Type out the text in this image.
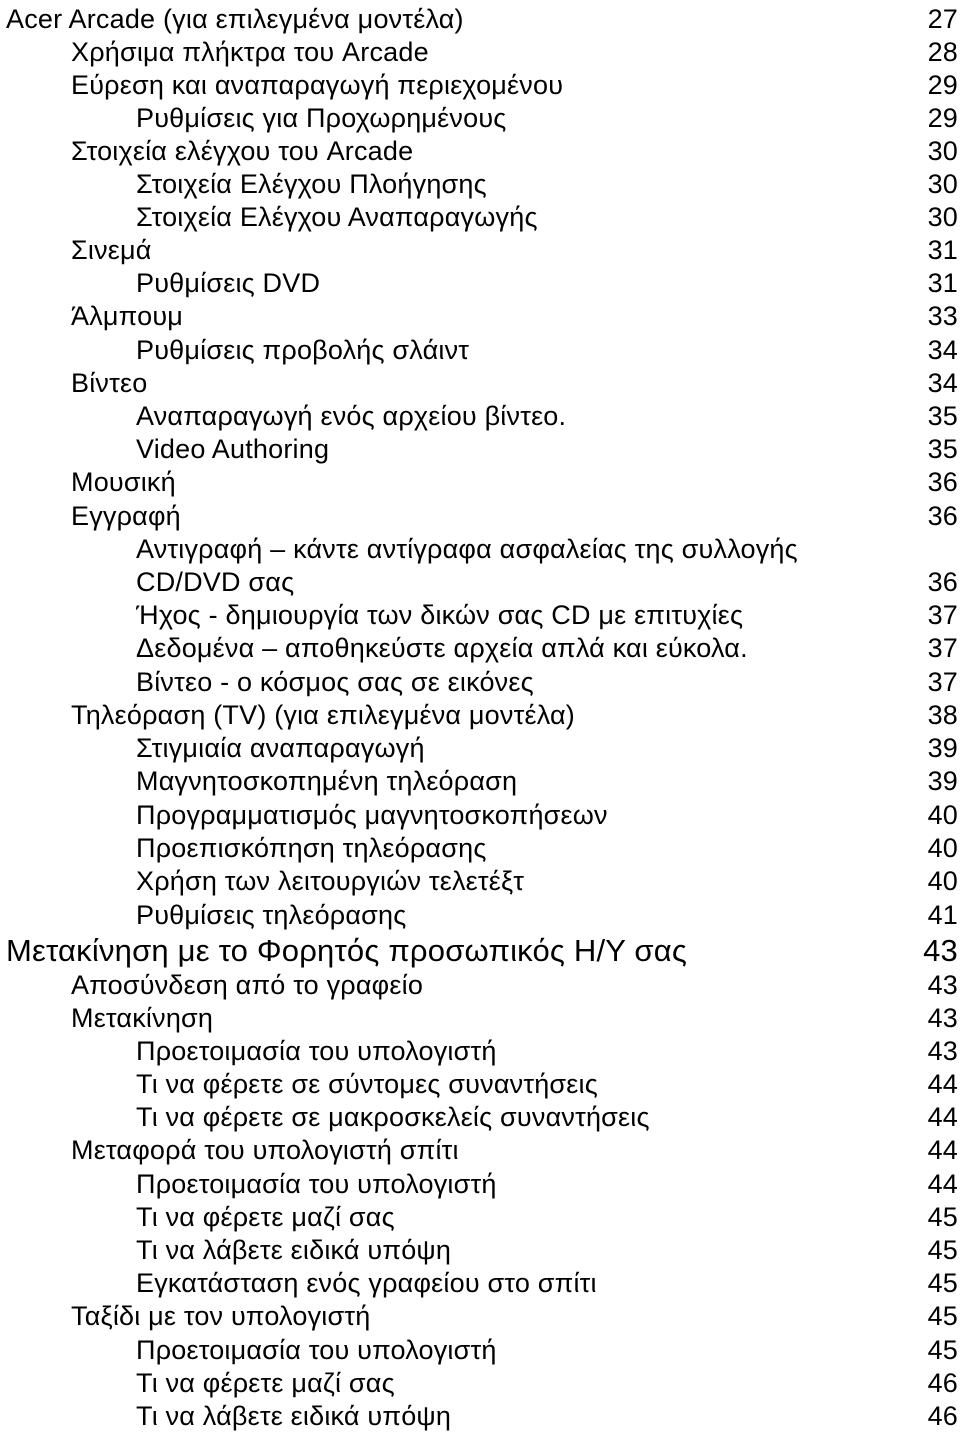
Acer Arcade (για επιλεγμένα μοντέλα)	27
Χρήσιμα πλήκτρα του Arcade	28
Εύρεση και αναπαραγωγή περιεχομένου	29
Ρυθμίσεις για Προχωρημένους	29
Στοιχεία ελέγχου του Arcade	30
Στοιχεία Ελέγχου Πλοήγησης	30
Στοιχεία Ελέγχου Αναπαραγωγής	30
Σινεμά	31
Ρυθμίσεις DVD	31
Άλμπουμ	33
Ρυθμίσεις προβολής σλάιντ	34
Βίντεο	34
Αναπαραγωγή ενός αρχείου βίντεο.	35
Video Authoring	35
Μουσική	36
Εγγραφή	36
Αντιγραφή – κάντε αντίγραφα ασφαλείας της συλλογής
CD/DVD σας	36
Ήχος - δημιουργία των δικών σας CD με επιτυχίες	37
Δεδομένα – αποθηκεύστε αρχεία απλά και εύκολα.	37
Βίντεο - ο κόσμος σας σε εικόνες	37
Τηλεόραση (TV) (για επιλεγμένα μοντέλα)	38
Στιγμιαία αναπαραγωγή	39
Μαγνητοσκοπημένη τηλεόραση	39
Προγραμματισμός μαγνητοσκοπήσεων	40
Προεπισκόπηση τηλεόρασης	40
Χρήση των λειτουργιών τελετέξτ	40
Ρυθμίσεις τηλεόρασης	41
Μετακίνηση με το Φορητός προσωπικός Η/Υ σας	43
Αποσύνδεση από το γραφείο	43
Μετακίνηση	43
Προετοιμασία του υπολογιστή	43
Τι να φέρετε σε σύντομες συναντήσεις	44
Τι να φέρετε σε μακροσκελείς συναντήσεις	44
Μεταφορά του υπολογιστή σπίτι	44
Προετοιμασία του υπολογιστή	44
Τι να φέρετε μαζί σας	45
Τι να λάβετε ειδικά υπόψη	45
Εγκατάσταση ενός γραφείου στο σπίτι	45
Ταξίδι με τον υπολογιστή	45
Προετοιμασία του υπολογιστή	45
Τι να φέρετε μαζί σας	46
Τι να λάβετε ειδικά υπόψη	46
